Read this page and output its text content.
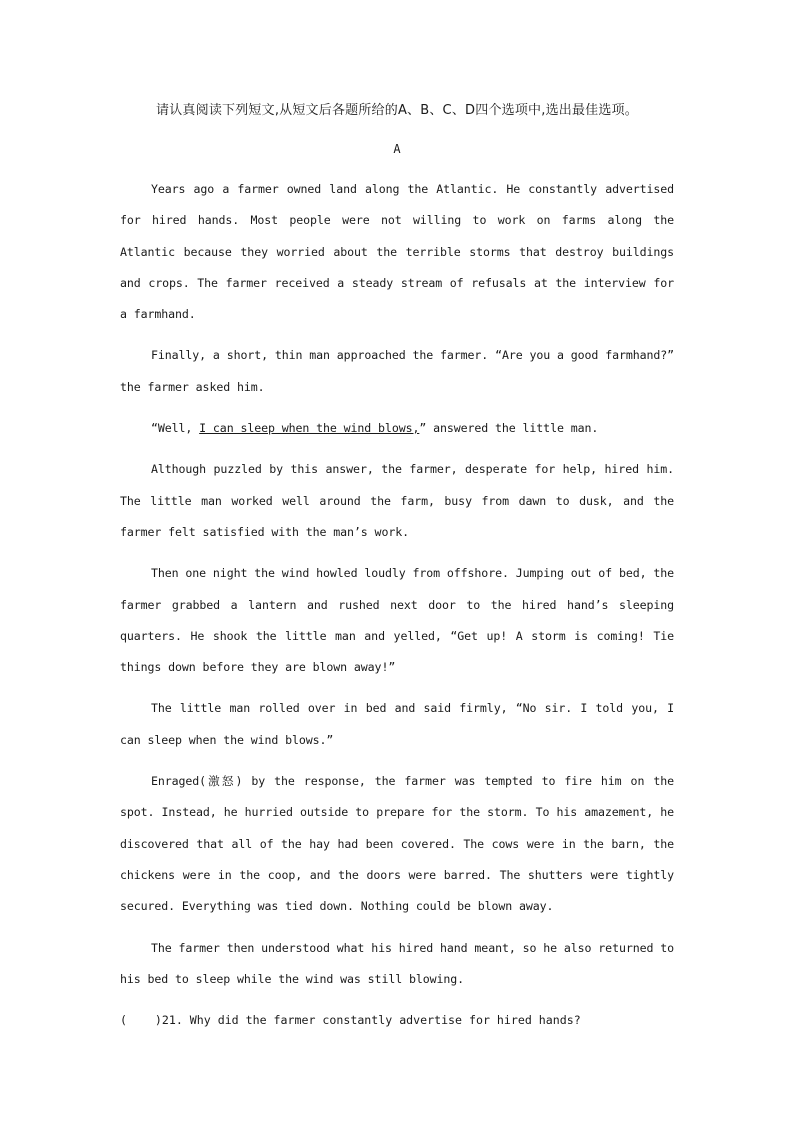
请认真阅读下列短文,从短文后各题所给的A、B、C、D四个选项中,选出最佳选项。

A

Years ago a farmer owned land along the Atlantic. He constantly advertised for hired hands. Most people were not willing to work on farms along the Atlantic because they worried about the terrible storms that destroy buildings and crops. The farmer received a steady stream of refusals at the interview for a farmhand.

Finally, a short, thin man approached the farmer. “Are you a good farmhand?” the farmer asked him.

“Well, I can sleep when the wind blows,” answered the little man.

Although puzzled by this answer, the farmer, desperate for help, hired him. The little man worked well around the farm, busy from dawn to dusk, and the farmer felt satisfied with the man’s work.

Then one night the wind howled loudly from offshore. Jumping out of bed, the farmer grabbed a lantern and rushed next door to the hired hand’s sleeping quarters. He shook the little man and yelled, “Get up! A storm is coming! Tie things down before they are blown away!”

The little man rolled over in bed and said firmly, “No sir. I told you, I can sleep when the wind blows.”

Enraged(激怒) by the response, the farmer was tempted to fire him on the spot. Instead, he hurried outside to prepare for the storm. To his amazement, he discovered that all of the hay had been covered. The cows were in the barn, the chickens were in the coop, and the doors were barred. The shutters were tightly secured. Everything was tied down. Nothing could be blown away.

The farmer then understood what his hired hand meant, so he also returned to his bed to sleep while the wind was still blowing.

(    )21. Why did the farmer constantly advertise for hired hands?
